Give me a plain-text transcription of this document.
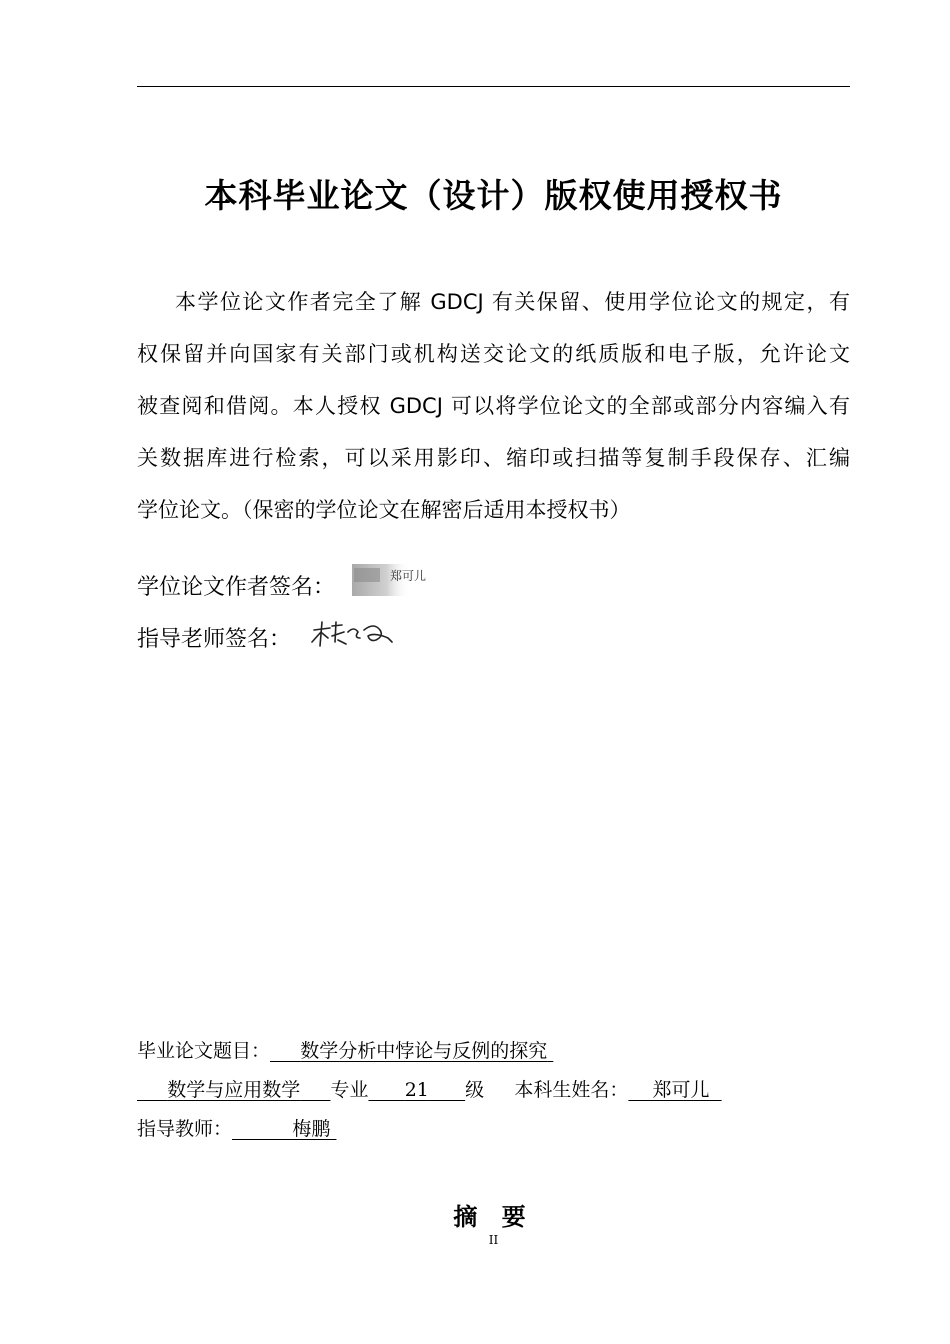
本科毕业论文（设计）版权使用授权书
本学位论文作者完全了解 GDCJ 有关保留、使用学位论文的规定，有
权保留并向国家有关部门或机构送交论文的纸质版和电子版，允许论文
被查阅和借阅。本人授权 GDCJ 可以将学位论文的全部或部分内容编入有
关数据库进行检索，可以采用影印、缩印或扫描等复制手段保存、汇编
学位论文。（保密的学位论文在解密后适用本授权书）
学位论文作者签名：	郑可儿
指导老师签名：
毕业论文题目： 数学分析中悖论与反例的探究
数学与应用数学 专业 21 级 本科生姓名： 郑可儿
指导教师：	梅鹏
摘 要
II
